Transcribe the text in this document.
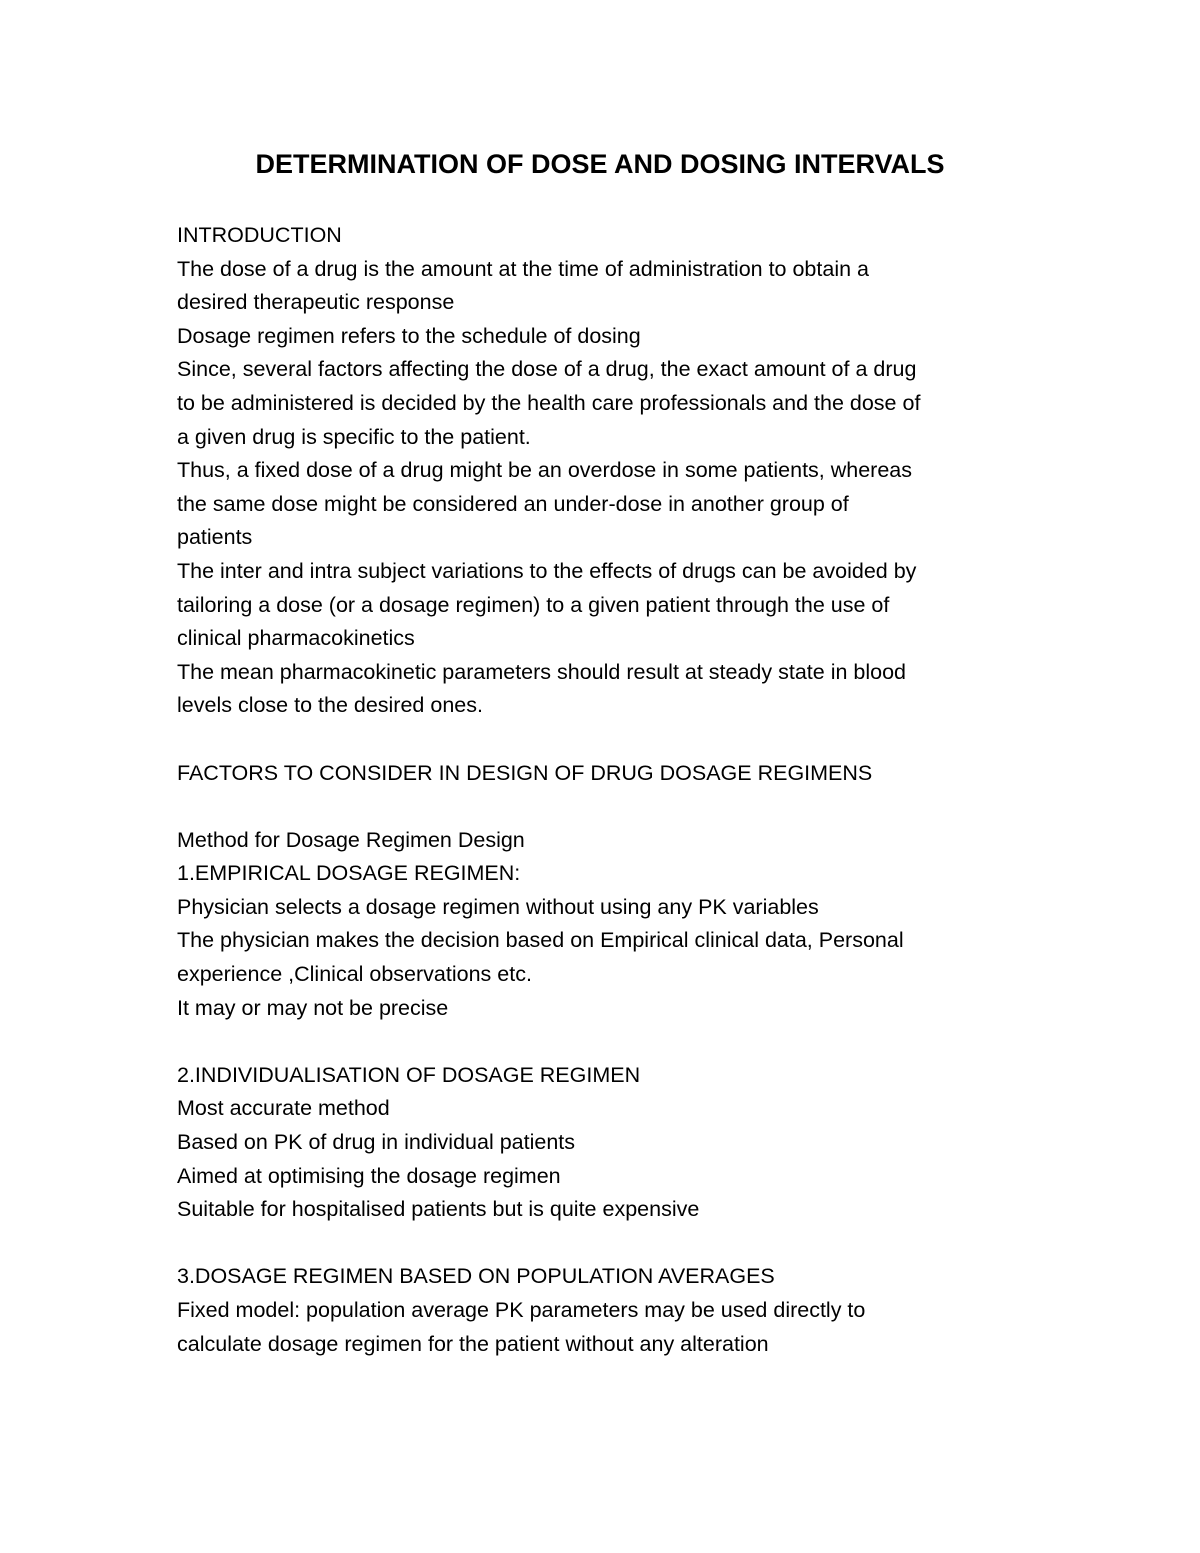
DETERMINATION OF DOSE AND DOSING INTERVALS
INTRODUCTION
The dose of a drug is the amount at the time of administration to obtain a
desired therapeutic response
Dosage regimen refers to the schedule of dosing
Since, several factors affecting the dose of a drug, the exact amount of a drug
to be administered is decided by the health care professionals and the dose of
a given drug is specific to the patient.
Thus, a fixed dose of a drug might be an overdose in some patients, whereas
the same dose might be considered an under-dose in another group of
patients
The inter and intra subject variations to the effects of drugs can be avoided by
tailoring a dose (or a dosage regimen) to a given patient through the use of
clinical pharmacokinetics
The mean pharmacokinetic parameters should result at steady state in blood
levels close to the desired ones.
FACTORS TO CONSIDER IN DESIGN OF DRUG DOSAGE REGIMENS
Method for Dosage Regimen Design
1.EMPIRICAL DOSAGE REGIMEN:
Physician selects a dosage regimen without using any PK variables
The physician makes the decision based on Empirical clinical data, Personal
experience ,Clinical observations etc.
It may or may not be precise
2.INDIVIDUALISATION OF DOSAGE REGIMEN
Most accurate method
Based on PK of drug in individual patients
Aimed at optimising the dosage regimen
Suitable for hospitalised patients but is quite expensive
3.DOSAGE REGIMEN BASED ON POPULATION AVERAGES
Fixed model: population average PK parameters may be used directly to
calculate dosage regimen for the patient without any alteration
